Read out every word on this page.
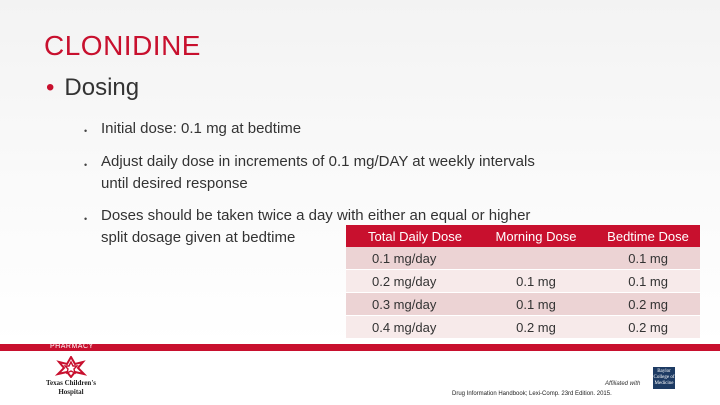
CLONIDINE
• Dosing
• Initial dose: 0.1 mg at bedtime
• Adjust daily dose in increments of 0.1 mg/DAY at weekly intervals
until desired response
• Doses should be taken twice a day with either an equal or higher
split dosage given at bedtime	Total Daily Dose	Morning Dose	Bedtime Dose
0.1 mg/day		0.1 mg
0.2 mg/day	0.1 mg	0.1 mg
0.3 mg/day	0.1 mg	0.2 mg
0.4 mg/day	0.2 mg	0.2 mg
PHARMACY
Texas Children's
Hospital	Drug Information Handbook; Lexi-Comp. 23rd Edition. 2015.
Affiliated with
Baylor
College of
Medicine
